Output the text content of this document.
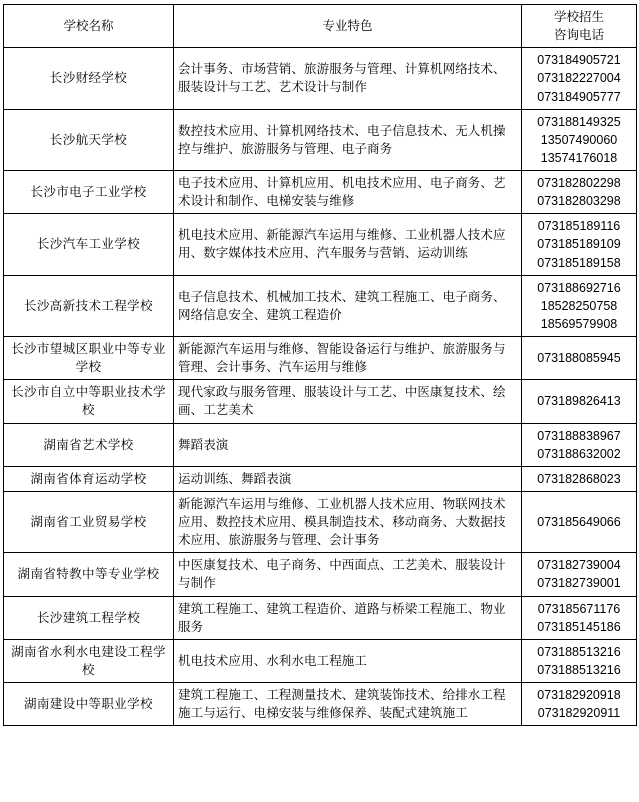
学校名称	专业特色	学校招生
咨询电话

长沙财经学校	会计事务、市场营销、旅游服务与管理、计算机网络技术、服装设计与工艺、艺术设计与制作	073184905721
073182227004
073184905777

长沙航天学校	数控技术应用、计算机网络技术、电子信息技术、无人机操控与维护、旅游服务与管理、电子商务	073188149325
13507490060
13574176018

长沙市电子工业学校	电子技术应用、计算机应用、机电技术应用、电子商务、艺术设计和制作、电梯安装与维修	073182802298
073182803298

长沙汽车工业学校	机电技术应用、新能源汽车运用与维修、工业机器人技术应用、数字媒体技术应用、汽车服务与营销、运动训练	073185189116
073185189109
073185189158

长沙高新技术工程学校	电子信息技术、机械加工技术、建筑工程施工、电子商务、网络信息安全、建筑工程造价	073188692716
18528250758
18569579908

长沙市望城区职业中等专业学校	新能源汽车运用与维修、智能设备运行与维护、旅游服务与管理、会计事务、汽车运用与维修	073188085945

长沙市自立中等职业技术学校	现代家政与服务管理、服装设计与工艺、中医康复技术、绘画、工艺美术	073189826413

湖南省艺术学校	舞蹈表演	073188838967
073188632002

湖南省体育运动学校	运动训练、舞蹈表演	073182868023

湖南省工业贸易学校	新能源汽车运用与维修、工业机器人技术应用、物联网技术应用、数控技术应用、模具制造技术、移动商务、大数据技术应用、旅游服务与管理、会计事务	073185649066

湖南省特教中等专业学校	中医康复技术、电子商务、中西面点、工艺美术、服装设计与制作	073182739004
073182739001

长沙建筑工程学校	建筑工程施工、建筑工程造价、道路与桥梁工程施工、物业服务	073185671176
073185145186

湖南省水利水电建设工程学校	机电技术应用、水利水电工程施工	073188513216
073188513216

湖南建设中等职业学校	建筑工程施工、工程测量技术、建筑装饰技术、给排水工程施工与运行、电梯安装与维修保养、装配式建筑施工	073182920918
073182920911
